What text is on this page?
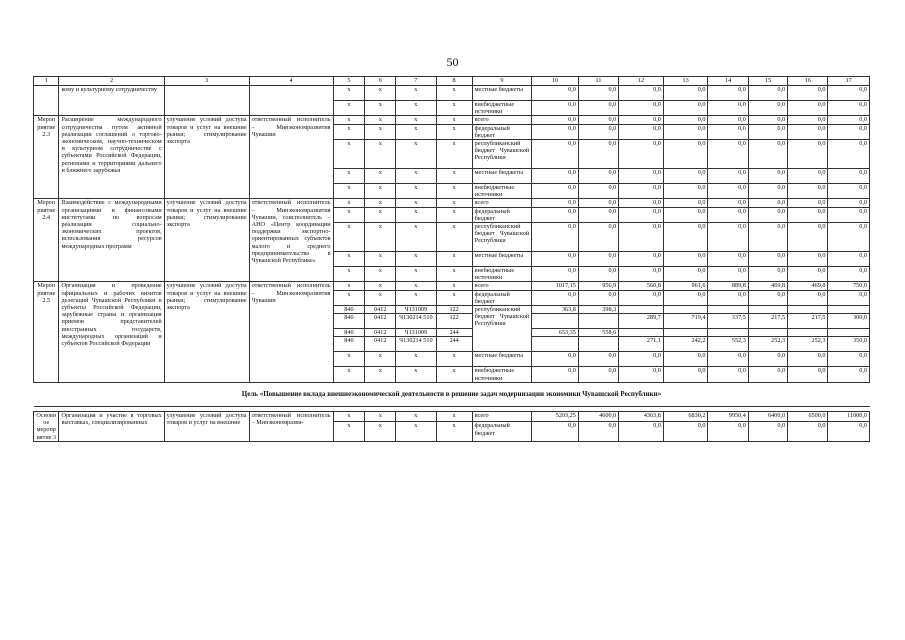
50
1	2	3	4	5	6	7	8	9	10	11	12	13	14	15	16	17
	кому и культурному сотрудничеству			х	х	х	х	местные бюджеты	0,0	0,0	0,0	0,0	0,0	0,0	0,0	0,0
				х	х	х	х	внебюджетные источники	0,0	0,0	0,0	0,0	0,0	0,0	0,0	0,0
Мероприятие 2.3	Расширение международного сотрудничества путем активной реализации соглашений о торгово-экономическом, научно-техническом и культурном сотрудничестве с субъектами Российской Федерации, регионами и территориями дальнего и ближнего зарубежья	улучшение условий доступа товаров и услуг на внешние рынки; стимулирование экспорта	ответственный исполнитель – Минэкономразвития Чувашии	х	х	х	х	всего	0,0	0,0	0,0	0,0	0,0	0,0	0,0	0,0
				х	х	х	х	федеральный бюджет	0,0	0,0	0,0	0,0	0,0	0,0	0,0	0,0
				х	х	х	х	республиканский бюджет Чувашской Республики	0,0	0,0	0,0	0,0	0,0	0,0	0,0	0,0
				х	х	х	х	местные бюджеты	0,0	0,0	0,0	0,0	0,0	0,0	0,0	0,0
				х	х	х	х	внебюджетные источники	0,0	0,0	0,0	0,0	0,0	0,0	0,0	0,0
Мероприятие 2.4	Взаимодействие с международными организациями и финансовыми институтами по вопросам реализации социально-экономических проектов, использования ресурсов международных программ	улучшение условий доступа товаров и услуг на внешние рынки; стимулирование экспорта	ответственный исполнитель – Минэкономразвития Чувашии, соисполнитель – АНО «Центр координации поддержки экспортно-ориентированных субъектов малого и среднего предпринимательства в Чувашской Республике»	х	х	х	х	всего	0,0	0,0	0,0	0,0	0,0	0,0	0,0	0,0
				х	х	х	х	федеральный бюджет	0,0	0,0	0,0	0,0	0,0	0,0	0,0	0,0
				х	х	х	х	республиканский бюджет Чувашской Республики	0,0	0,0	0,0	0,0	0,0	0,0	0,0	0,0
				х	х	х	х	местные бюджеты	0,0	0,0	0,0	0,0	0,0	0,0	0,0	0,0
				х	х	х	х	внебюджетные источники	0,0	0,0	0,0	0,0	0,0	0,0	0,0	0,0
Мероприятие 2.5	Организация и проведение официальных и рабочих визитов делегаций Чувашской Республики в субъекты Российской Федерации, зарубежные страны и организация приемов представителей иностранных государств, международных организаций и субъектов Российской Федерации	улучшение условий доступа товаров и услуг на внешние рынки; стимулирование экспорта	ответственный исполнитель – Минэкономразвития Чувашии	х	х	х	х	всего	1017,15	956,9	560,8	961,6	889,8	469,8	469,8	750,0
				х	х	х	х	федеральный бюджет	0,0	0,0	0,0	0,0	0,0	0,0	0,0	0,0
				840	0412	Ч131009	122	республиканский бюджет Чувашской Республики	363,8	398,3						
				840	0412	Ч130214 510	122				289,7	719,4	337,5	217,5	217,5	300,0
				840	0412	Ч131009	244		653,35	558,6						
				840	0412	Ч130214 510	244				271,1	242,2	552,3	252,3	252,3	350,0
				х	х	х	х	местные бюджеты	0,0	0,0	0,0	0,0	0,0	0,0	0,0	0,0
				х	х	х	х	внебюджетные источники	0,0	0,0	0,0	0,0	0,0	0,0	0,0	0,0
Цель «Повышение вклада внешнеэкономической деятельности в решение задач модернизации экономики Чувашской Республики»																

Основное мероприятие 3	Организация и участие в торговых выставках, специализированных	улучшение условий доступа товаров и услуг на внешние	ответственный исполнитель – Минэкономразви-	х	х	х	х	всего	5203,25	4600,0	4363,8	6830,2	9950,4	6400,0	6500,0	11000,0
				х	х	х	х	федеральный бюджет	0,0	0,0	0,0	0,0	0,0	0,0	0,0	0,0
